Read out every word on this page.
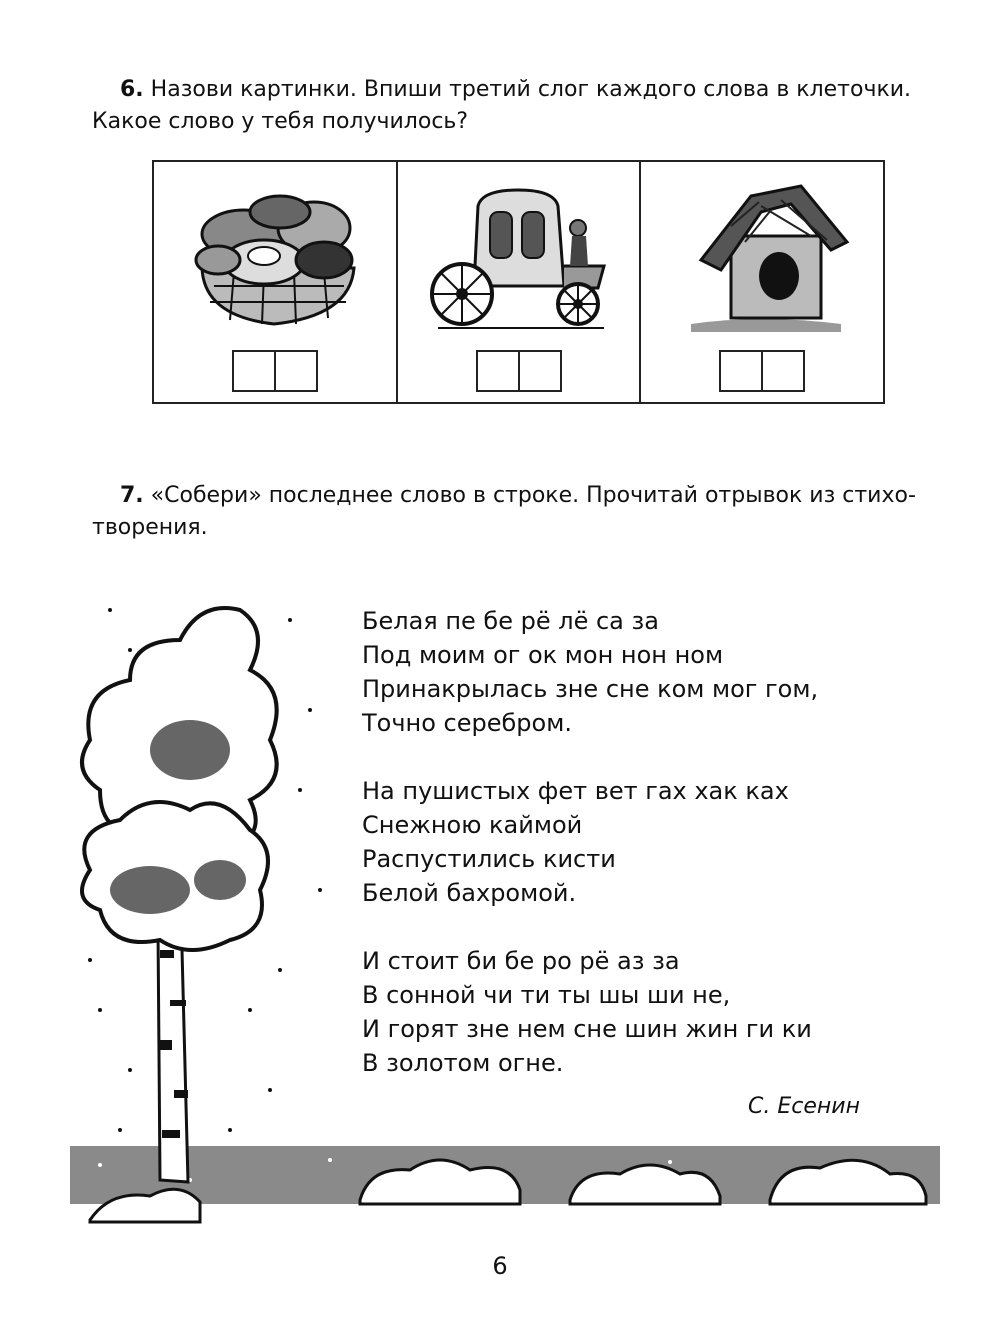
6. Назови картинки. Впиши третий слог каждого слова в клеточки.
Какое слово у тебя получилось?
7. «Собери» последнее слово в строке. Прочитай отрывок из стихо-
творения.
Белая пе бе рё лё са за
Под моим ог ок мон нон ном
Принакрылась зне сне ком мог гом,
Точно серебром.
На пушистых фет вет гах хак ках
Снежною каймой
Распустились кисти
Белой бахромой.
И стоит би бе ро рё аз за
В сонной чи ти ты шы ши не,
И горят зне нем сне шин жин ги ки
В золотом огне.
С. Есенин
6
